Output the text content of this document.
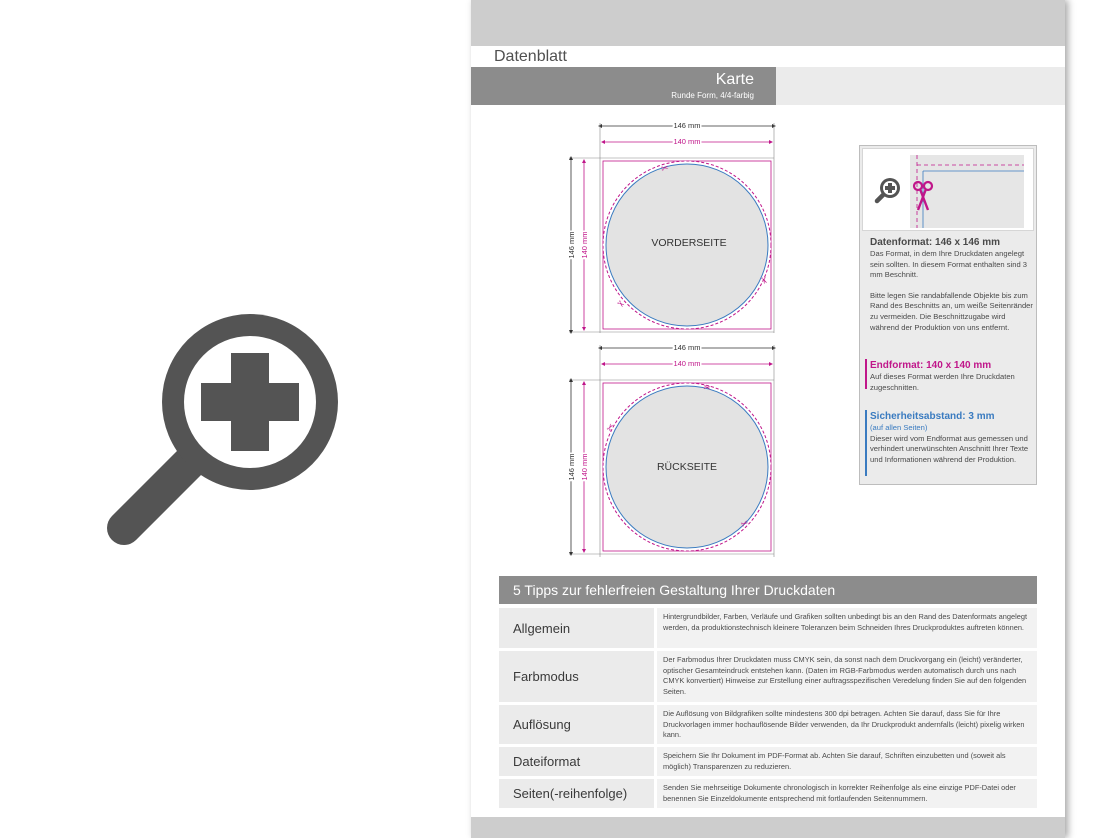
Datenblatt
Karte
Runde Form, 4/4-farbig
146 mm
140 mm
146 mm 140 mm
✂
✂
✂
VORDERSEITE
146 mm
140 mm
146 mm 140 mm
✂
✂
✂
RÜCKSEITE
Datenformat: 146 x 146 mm
Das Format, in dem Ihre Druckdaten angelegt sein sollten. In diesem Format enthalten sind 3 mm Beschnitt.
Bitte legen Sie randabfallende Objekte bis zum Rand des Beschnitts an, um weiße Seitenränder zu vermeiden. Die Beschnittzugabe wird während der Produktion von uns entfernt.
Endformat: 140 x 140 mm
Auf dieses Format werden Ihre Druckdaten zugeschnitten.
Sicherheitsabstand: 3 mm
(auf allen Seiten)
Dieser wird vom Endformat aus gemessen und verhindert unerwünschten Anschnitt Ihrer Texte und Informationen während der Produktion.
5 Tipps zur fehlerfreien Gestaltung Ihrer Druckdaten
Allgemein
Hintergrundbilder, Farben, Verläufe und Grafiken sollten unbedingt bis an den Rand des Datenformats angelegt werden, da produktionstechnisch kleinere Toleranzen beim Schneiden Ihres Druckproduktes auftreten können.
Farbmodus
Der Farbmodus Ihrer Druckdaten muss CMYK sein, da sonst nach dem Druckvorgang ein (leicht) veränderter, optischer Gesamteindruck entstehen kann. (Daten im RGB-Farbmodus werden automatisch durch uns nach CMYK konvertiert) Hinweise zur Erstellung einer auftragsspezifischen Veredelung finden Sie auf den folgenden Seiten.
Auflösung
Die Auflösung von Bildgrafiken sollte mindestens 300 dpi betragen. Achten Sie darauf, dass Sie für Ihre Druckvorlagen immer hochauflösende Bilder verwenden, da Ihr Druckprodukt andernfalls (leicht) pixelig wirken kann.
Dateiformat	Speichern Sie Ihr Dokument im PDF-Format ab. Achten Sie darauf, Schriften einzubetten und (soweit als möglich) Transparenzen zu reduzieren.
Seiten(-reihenfolge)	Senden Sie mehrseitige Dokumente chronologisch in korrekter Reihenfolge als eine einzige PDF-Datei oder benennen Sie Einzeldokumente entsprechend mit fortlaufenden Seitennummern.
